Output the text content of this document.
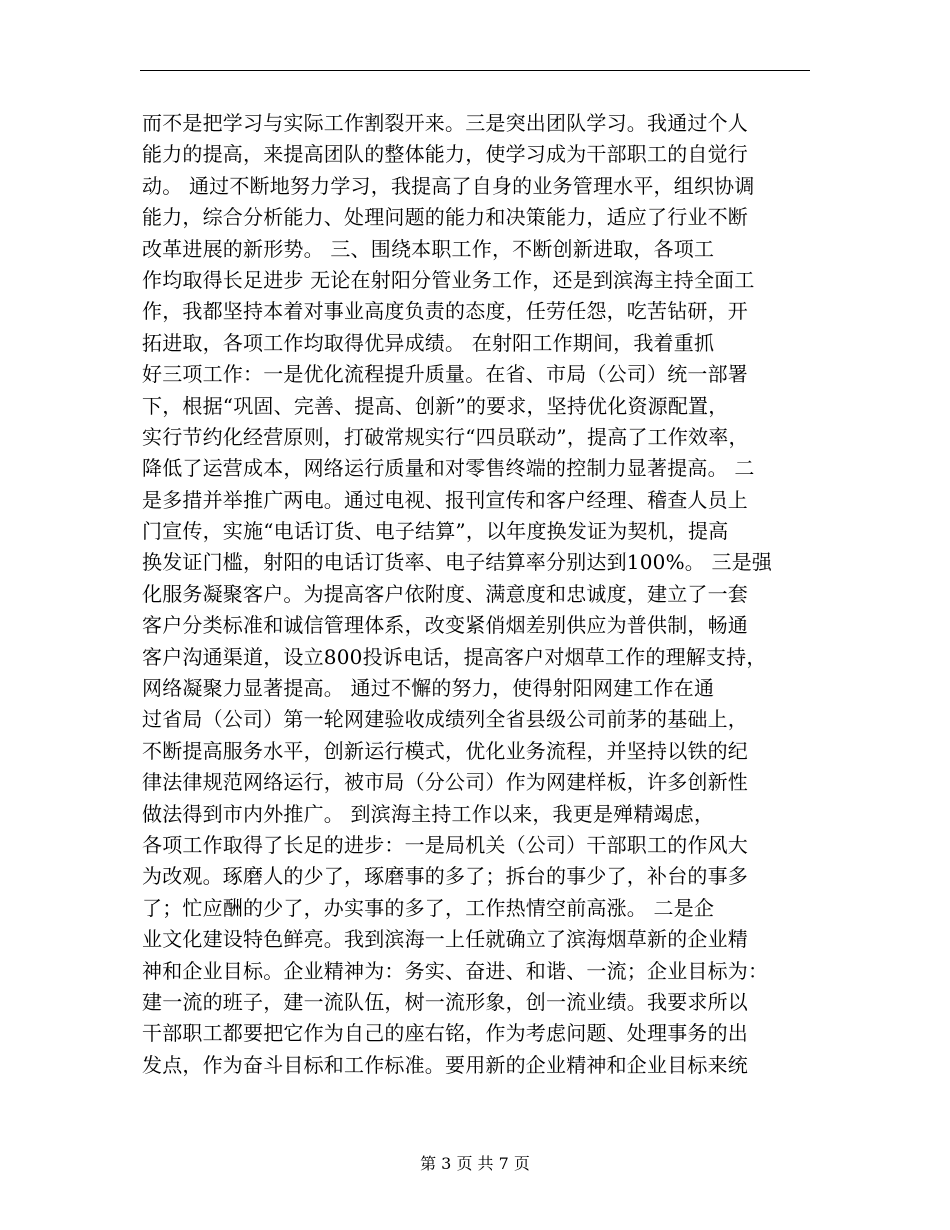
而不是把学习与实际工作割裂开来。三是突出团队学习。我通过个人
能力的提高，来提高团队的整体能力，使学习成为干部职工的自觉行
动。 通过不断地努力学习，我提高了自身的业务管理水平，组织协调
能力，综合分析能力、处理问题的能力和决策能力，适应了行业不断
改革进展的新形势。 三、围绕本职工作，不断创新进取，各项工
作均取得长足进步 无论在射阳分管业务工作，还是到滨海主持全面工
作，我都坚持本着对事业高度负责的态度，任劳任怨，吃苦钻研，开
拓进取，各项工作均取得优异成绩。 在射阳工作期间，我着重抓
好三项工作：一是优化流程提升质量。在省、市局（公司）统一部署
下，根据“巩固、完善、提高、创新”的要求，坚持优化资源配置，
实行节约化经营原则，打破常规实行“四员联动”，提高了工作效率，
降低了运营成本，网络运行质量和对零售终端的控制力显著提高。 二
是多措并举推广两电。通过电视、报刊宣传和客户经理、稽查人员上
门宣传，实施“电话订货、电子结算”，以年度换发证为契机，提高
换发证门槛，射阳的电话订货率、电子结算率分别达到100%。 三是强
化服务凝聚客户。为提高客户依附度、满意度和忠诚度，建立了一套
客户分类标准和诚信管理体系，改变紧俏烟差别供应为普供制，畅通
客户沟通渠道，设立800投诉电话，提高客户对烟草工作的理解支持，
网络凝聚力显著提高。 通过不懈的努力，使得射阳网建工作在通
过省局（公司）第一轮网建验收成绩列全省县级公司前茅的基础上，
不断提高服务水平，创新运行模式，优化业务流程，并坚持以铁的纪
律法律规范网络运行，被市局（分公司）作为网建样板，许多创新性
做法得到市内外推广。 到滨海主持工作以来，我更是殚精竭虑，
各项工作取得了长足的进步：一是局机关（公司）干部职工的作风大
为改观。琢磨人的少了，琢磨事的多了；拆台的事少了，补台的事多
了；忙应酬的少了，办实事的多了，工作热情空前高涨。 二是企
业文化建设特色鲜亮。我到滨海一上任就确立了滨海烟草新的企业精
神和企业目标。企业精神为：务实、奋进、和谐、一流；企业目标为：
建一流的班子，建一流队伍，树一流形象，创一流业绩。我要求所以
干部职工都要把它作为自己的座右铭，作为考虑问题、处理事务的出
发点，作为奋斗目标和工作标准。要用新的企业精神和企业目标来统
第 3 页 共 7 页
